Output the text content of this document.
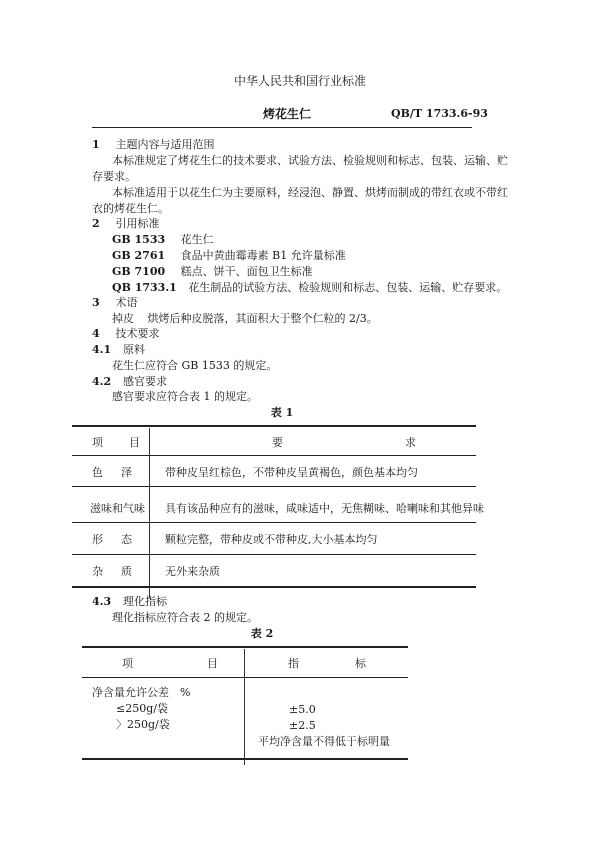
中华人民共和国行业标准
烤花生仁	QB/T 1733.6-93
1 主题内容与适用范围
本标准规定了烤花生仁的技术要求、试验方法、检验规则和标志、包装、运输、贮
存要求。
本标准适用于以花生仁为主要原料，经浸泡、静置、烘烤而制成的带红衣或不带红
衣的烤花生仁。
2 引用标准
GB 1533 花生仁
GB 2761 食品中黄曲霉毒素 B1 允许量标准
GB 7100 糕点、饼干、面包卫生标准
QB 1733.1 花生制品的试验方法、检验规则和标志、包装、运输、贮存要求。
3 术语
掉皮 烘烤后种皮脱落，其面积大于整个仁粒的 2/3。
4 技术要求
4.1 原料
花生仁应符合 GB 1533 的规定。
4.2 感官要求
感官要求应符合表 1 的规定。
表 1
项 目	要	求
色 泽	带种皮呈红棕色，不带种皮呈黄褐色，颜色基本均匀
滋味和气味 具有该品种应有的滋味，咸味适中，无焦糊味、哈喇味和其他异味
形 态	颗粒完整，带种皮或不带种皮,大小基本均匀
杂 质	无外来杂质
4.3 理化指标
理化指标应符合表 2 的规定。
表 2
项	目	指	标
净含量允许公差　%
≤250g/袋	±5.0
〉250g/袋	±2.5
平均净含量不得低于标明量
